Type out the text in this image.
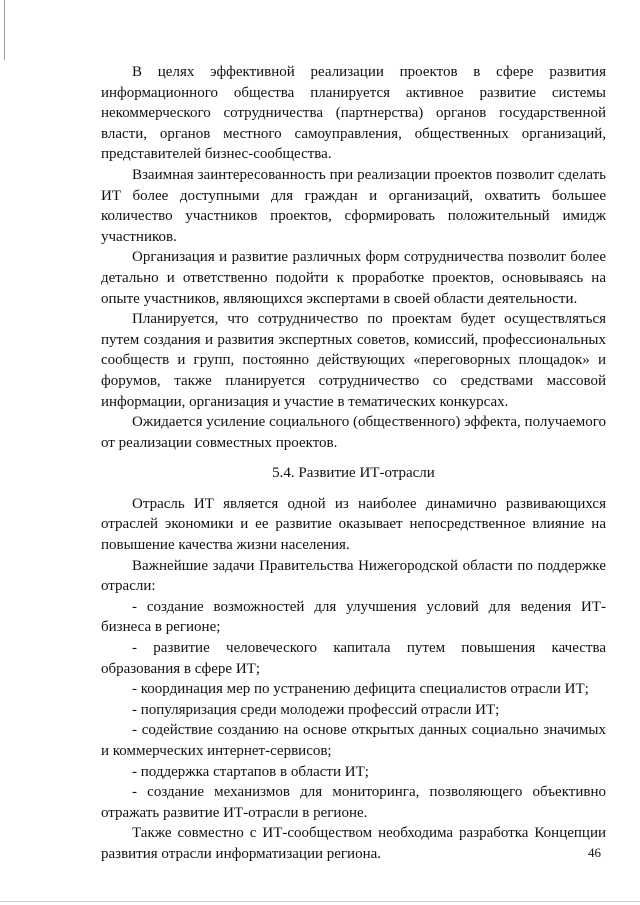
В целях эффективной реализации проектов в сфере развития информационного общества планируется активное развитие системы некоммерческого сотрудничества (партнерства) органов государственной власти, органов местного самоуправления, общественных организаций, представителей бизнес-сообщества.

Взаимная заинтересованность при реализации проектов позволит сделать ИТ более доступными для граждан и организаций, охватить большее количество участников проектов, сформировать положительный имидж участников.

Организация и развитие различных форм сотрудничества позволит более детально и ответственно подойти к проработке проектов, основываясь на опыте участников, являющихся экспертами в своей области деятельности.

Планируется, что сотрудничество по проектам будет осуществляться путем создания и развития экспертных советов, комиссий, профессиональных сообществ и групп, постоянно действующих «переговорных площадок» и форумов, также планируется сотрудничество со средствами массовой информации, организация и участие в тематических конкурсах.

Ожидается усиление социального (общественного) эффекта, получаемого от реализации совместных проектов.

5.4. Развитие ИТ-отрасли

Отрасль ИТ является одной из наиболее динамично развивающихся отраслей экономики и ее развитие оказывает непосредственное влияние на повышение качества жизни населения.

Важнейшие задачи Правительства Нижегородской области по поддержке отрасли:

- создание возможностей для улучшения условий для ведения ИТ-бизнеса в регионе;

- развитие человеческого капитала путем повышения качества образования в сфере ИТ;

- координация мер по устранению дефицита специалистов отрасли ИТ;

- популяризация среди молодежи профессий отрасли ИТ;

- содействие созданию на основе открытых данных социально значимых и коммерческих интернет-сервисов;

- поддержка стартапов в области ИТ;

- создание механизмов для мониторинга, позволяющего объективно отражать развитие ИТ-отрасли в регионе.

Также совместно с ИТ-сообществом необходима разработка Концепции развития отрасли информатизации региона.	46
